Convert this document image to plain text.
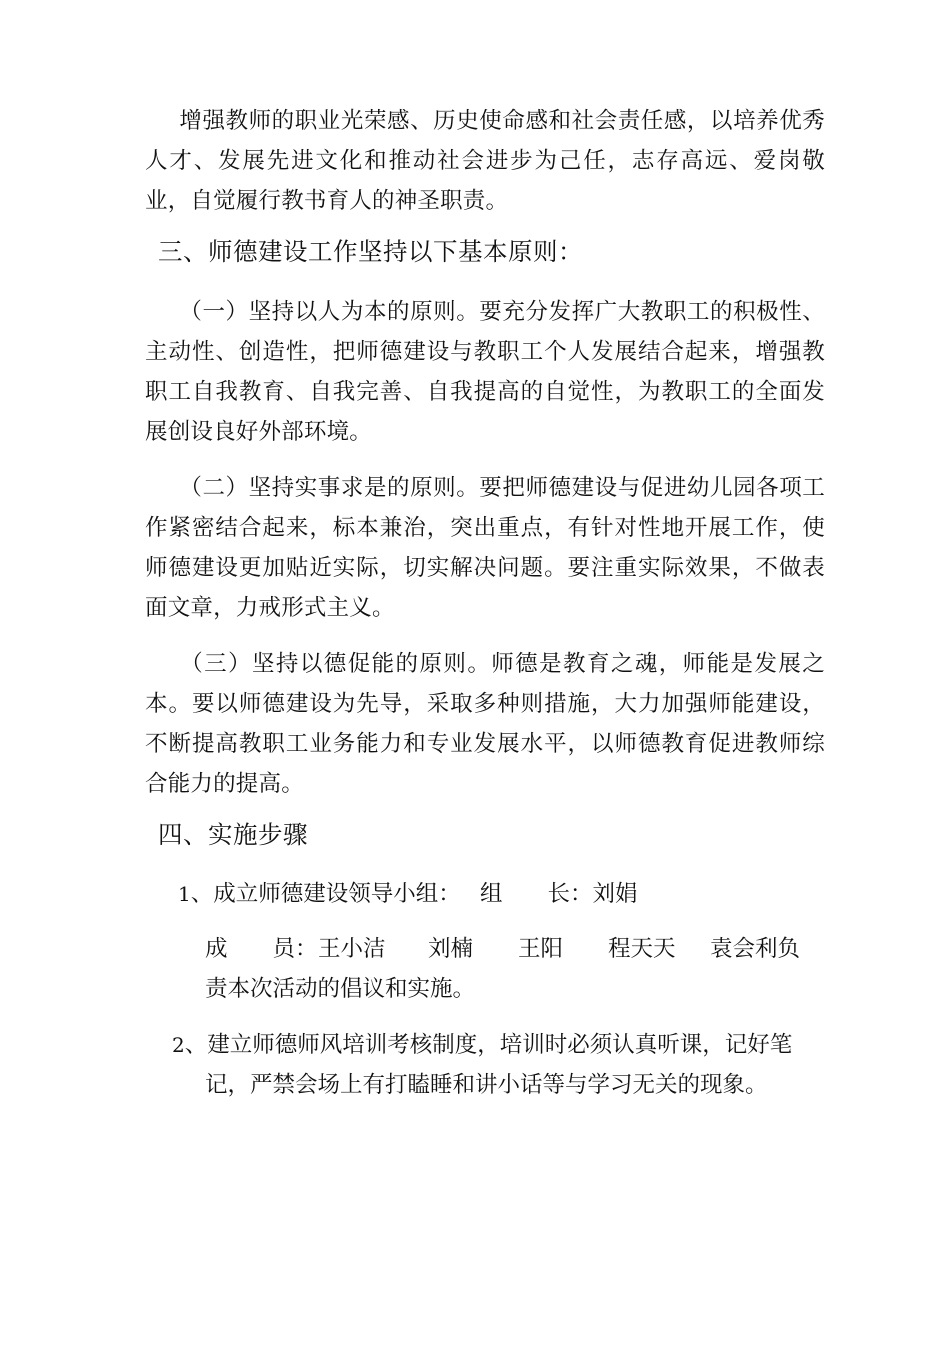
增强教师的职业光荣感、历史使命感和社会责任感，以培养优秀人才、发展先进文化和推动社会进步为己任，志存高远、爱岗敬业，自觉履行教书育人的神圣职责。

三、师德建设工作坚持以下基本原则：

（一）坚持以人为本的原则。要充分发挥广大教职工的积极性、主动性、创造性，把师德建设与教职工个人发展结合起来，增强教职工自我教育、自我完善、自我提高的自觉性，为教职工的全面发展创设良好外部环境。

（二）坚持实事求是的原则。要把师德建设与促进幼儿园各项工作紧密结合起来，标本兼治，突出重点，有针对性地开展工作，使师德建设更加贴近实际，切实解决问题。要注重实际效果，不做表面文章，力戒形式主义。

（三）坚持以德促能的原则。师德是教育之魂，师能是发展之本。要以师德建设为先导，采取多种则措施，大力加强师能建设，不断提高教职工业务能力和专业发展水平，以师德教育促进教师综合能力的提高。

四、实施步骤

1、成立师德建设领导小组： 组　　长：刘娟

成　　员： 王小洁 刘楠 王阳 程天天 袁会利负

责本次活动的倡议和实施。

2、建立师德师风培训考核制度，培训时必须认真听课，记好笔

记，严禁会场上有打瞌睡和讲小话等与学习无关的现象。
